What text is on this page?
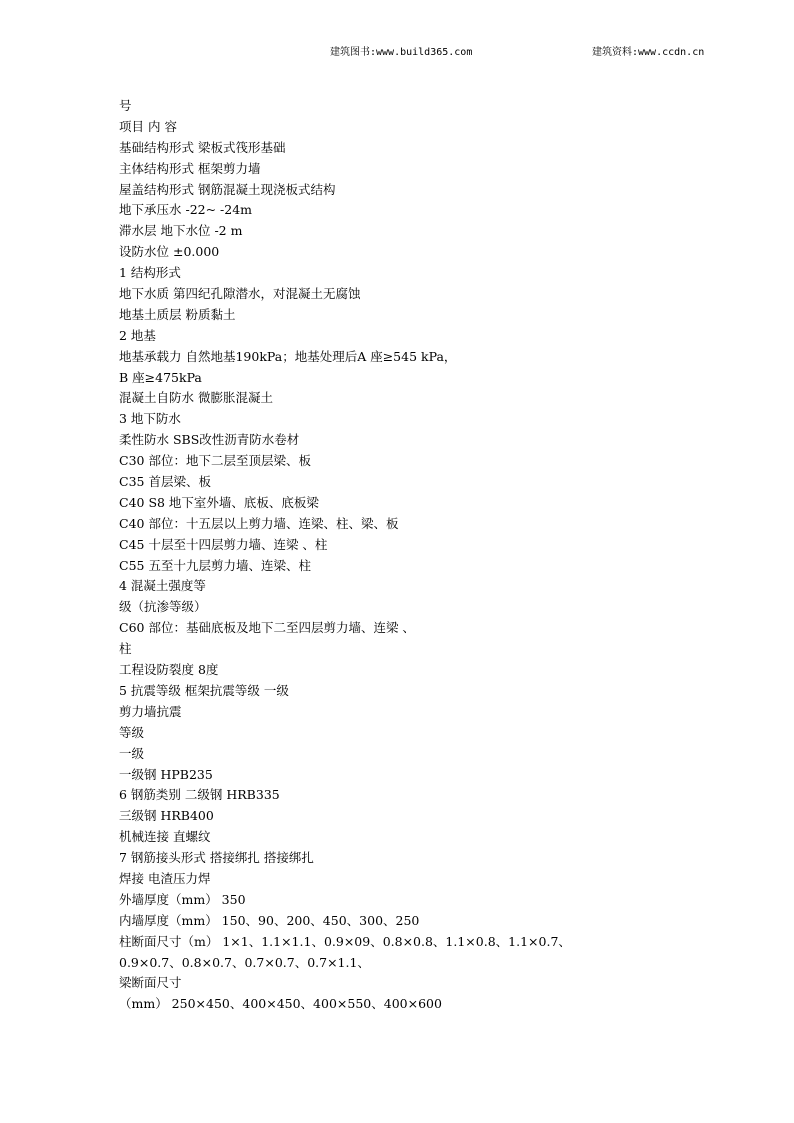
建筑图书:www.build365.com	建筑资料:www.ccdn.cn
号
项目 内 容
基础结构形式 梁板式筏形基础
主体结构形式 框架剪力墙
屋盖结构形式 钢筋混凝土现浇板式结构
地下承压水 -22~ -24m
滞水层 地下水位 -2 m
设防水位 ±0.000
1 结构形式
地下水质 第四纪孔隙潜水，对混凝土无腐蚀
地基土质层 粉质黏土
2 地基
地基承载力 自然地基190kPa；地基处理后A 座≥545 kPa，
B 座≥475kPa
混凝土自防水 微膨胀混凝土
3 地下防水
柔性防水 SBS改性沥青防水卷材
C30 部位：地下二层至顶层梁、板
C35 首层梁、板
C40 S8 地下室外墙、底板、底板梁
C40 部位：十五层以上剪力墙、连梁、柱、梁、板
C45 十层至十四层剪力墙、连梁 、柱
C55 五至十九层剪力墙、连梁、柱
4 混凝土强度等
级（抗渗等级）
C60 部位：基础底板及地下二至四层剪力墙、连梁 、
柱
工程设防裂度 8度
5 抗震等级 框架抗震等级 一级
剪力墙抗震
等级
一级
一级钢 HPB235
6 钢筋类别 二级钢 HRB335
三级钢 HRB400
机械连接 直螺纹
7 钢筋接头形式 搭接绑扎 搭接绑扎
焊接 电渣压力焊
外墙厚度（mm） 350
内墙厚度（mm） 150、90、200、450、300、250
柱断面尺寸（m） 1×1、1.1×1.1、0.9×09、0.8×0.8、1.1×0.8、1.1×0.7、
0.9×0.7、0.8×0.7、0.7×0.7、0.7×1.1、
梁断面尺寸
（mm） 250×450、400×450、400×550、400×600
